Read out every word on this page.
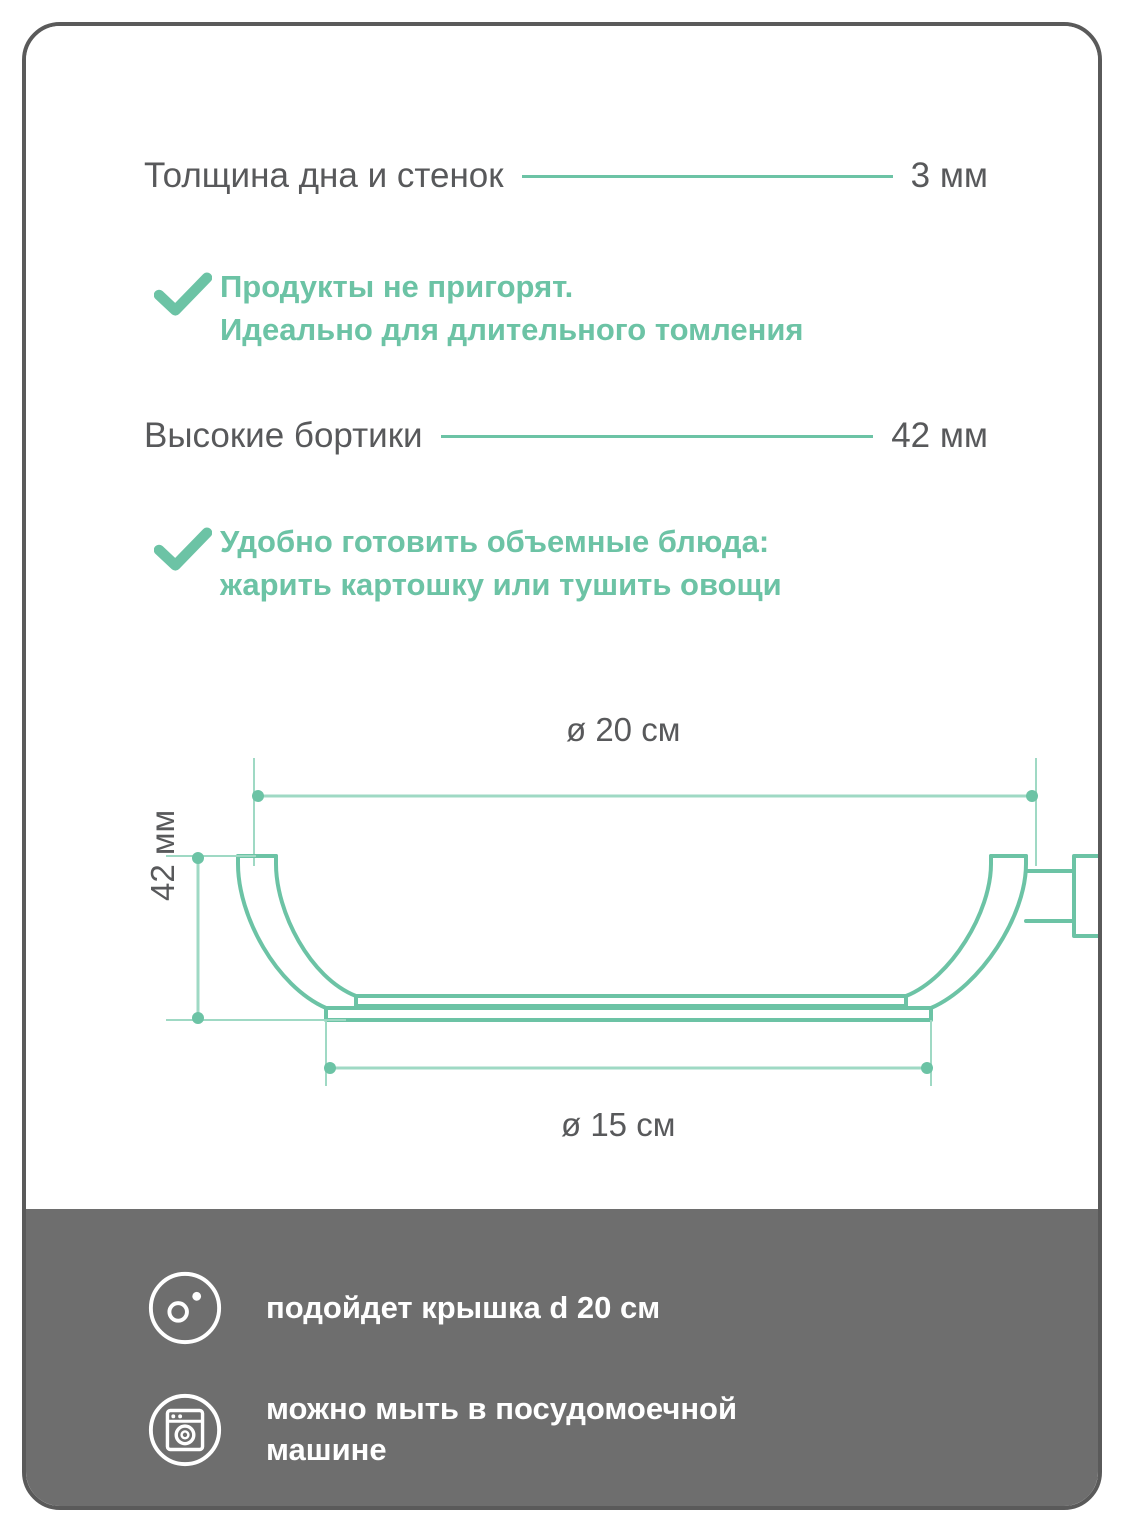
Толщина дна и стенок	3 мм
Продукты не пригорят.
Идеально для длительного томления
Высокие бортики	42 мм
Удобно готовить объемные блюда:
жарить картошку или тушить овощи
ø 20 см
ø 15 см
42 мм
подойдет крышка d 20 см
можно мыть в посудомоечной
машине
